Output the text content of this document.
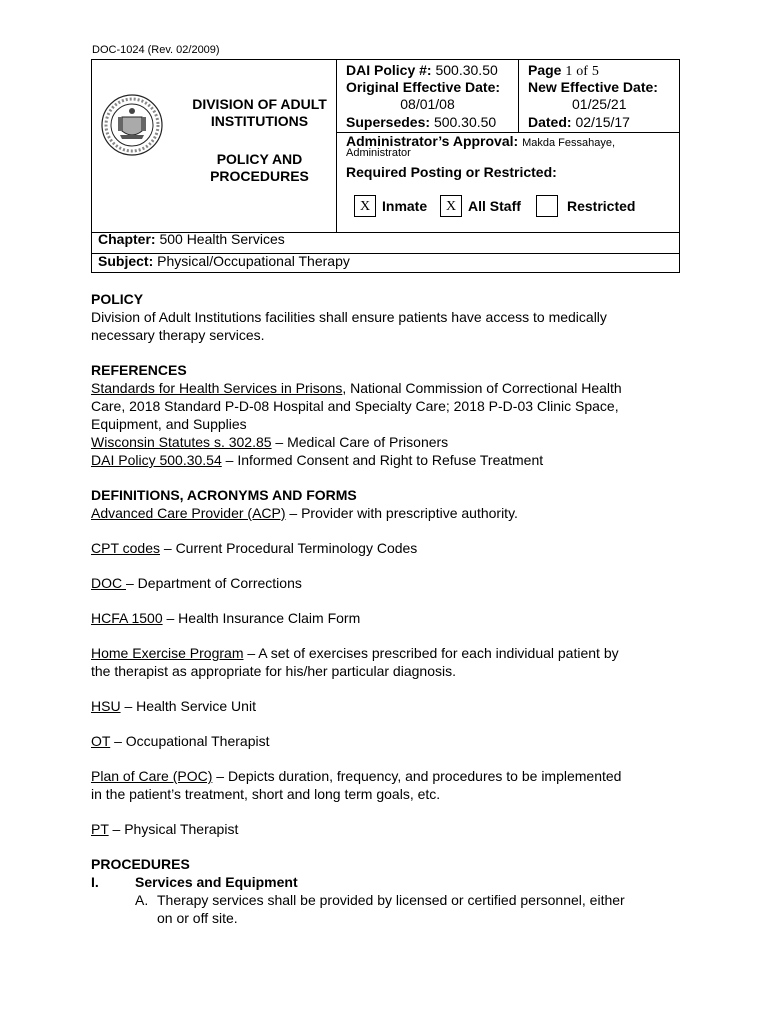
DOC-1024 (Rev. 02/2009)
DIVISION OF ADULT INSTITUTIONS
POLICY AND PROCEDURES
DAI Policy #: 500.30.50 Page 1 of 5
Original Effective Date:
08/01/08
New Effective Date:
01/25/21
Supersedes: 500.30.50 Dated: 02/15/17
Administrator’s Approval: Makda Fessahaye,
Administrator
Required Posting or Restricted:
X Inmate	X All Staff	Restricted
Chapter: 500 Health Services
Subject: Physical/Occupational Therapy

POLICY

Division of Adult Institutions facilities shall ensure patients have access to medically

necessary therapy services.

REFERENCES

Standards for Health Services in Prisons, National Commission of Correctional Health

Care, 2018 Standard P-D-08 Hospital and Specialty Care; 2018 P-D-03 Clinic Space,

Equipment, and Supplies

Wisconsin Statutes s. 302.85 – Medical Care of Prisoners

DAI Policy 500.30.54 – Informed Consent and Right to Refuse Treatment

DEFINITIONS, ACRONYMS AND FORMS

Advanced Care Provider (ACP) – Provider with prescriptive authority.

CPT codes – Current Procedural Terminology Codes

DOC – Department of Corrections

HCFA 1500 – Health Insurance Claim Form

Home Exercise Program – A set of exercises prescribed for each individual patient by

the therapist as appropriate for his/her particular diagnosis.

HSU – Health Service Unit

OT – Occupational Therapist

Plan of Care (POC) – Depicts duration, frequency, and procedures to be implemented

in the patient’s treatment, short and long term goals, etc.

PT – Physical Therapist

PROCEDURES

I.	Services and Equipment
A. Therapy services shall be provided by licensed or certified personnel, either

on or off site.
